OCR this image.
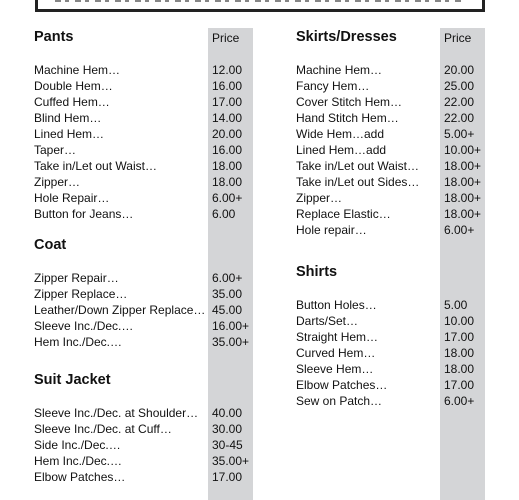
Price
Pants
Machine Hem…	12.00
Double Hem…	16.00
Cuffed Hem…	17.00
Blind Hem…	14.00
Lined Hem…	20.00
Taper…	16.00
Take in/Let out Waist…	18.00
Zipper…	18.00
Hole Repair…	6.00+
Button for Jeans…	6.00
Coat
Zipper Repair…	6.00+
Zipper Replace…	35.00
Leather/Down Zipper Replace… 45.00
Sleeve Inc./Dec.…	16.00+
Hem Inc./Dec.…	35.00+
Suit Jacket
Sleeve Inc./Dec. at Shoulder… 40.00
Sleeve Inc./Dec. at Cuff…	30.00
Side Inc./Dec.…	30-45
Hem Inc./Dec.…	35.00+
Elbow Patches…	17.00
Price
Skirts/Dresses
Machine Hem…	20.00
Fancy Hem…	25.00
Cover Stitch Hem…	22.00
Hand Stitch Hem…	22.00
Wide Hem…add	5.00+
Lined Hem…add	10.00+
Take in/Let out Waist… 18.00+
Take in/Let out Sides… 18.00+
Zipper…	18.00+
Replace Elastic…	18.00+
Hole repair…	6.00+
Shirts
Button Holes…	5.00
Darts/Set…	10.00
Straight Hem…	17.00
Curved Hem…	18.00
Sleeve Hem…	18.00
Elbow Patches…	17.00
Sew on Patch…	6.00+
